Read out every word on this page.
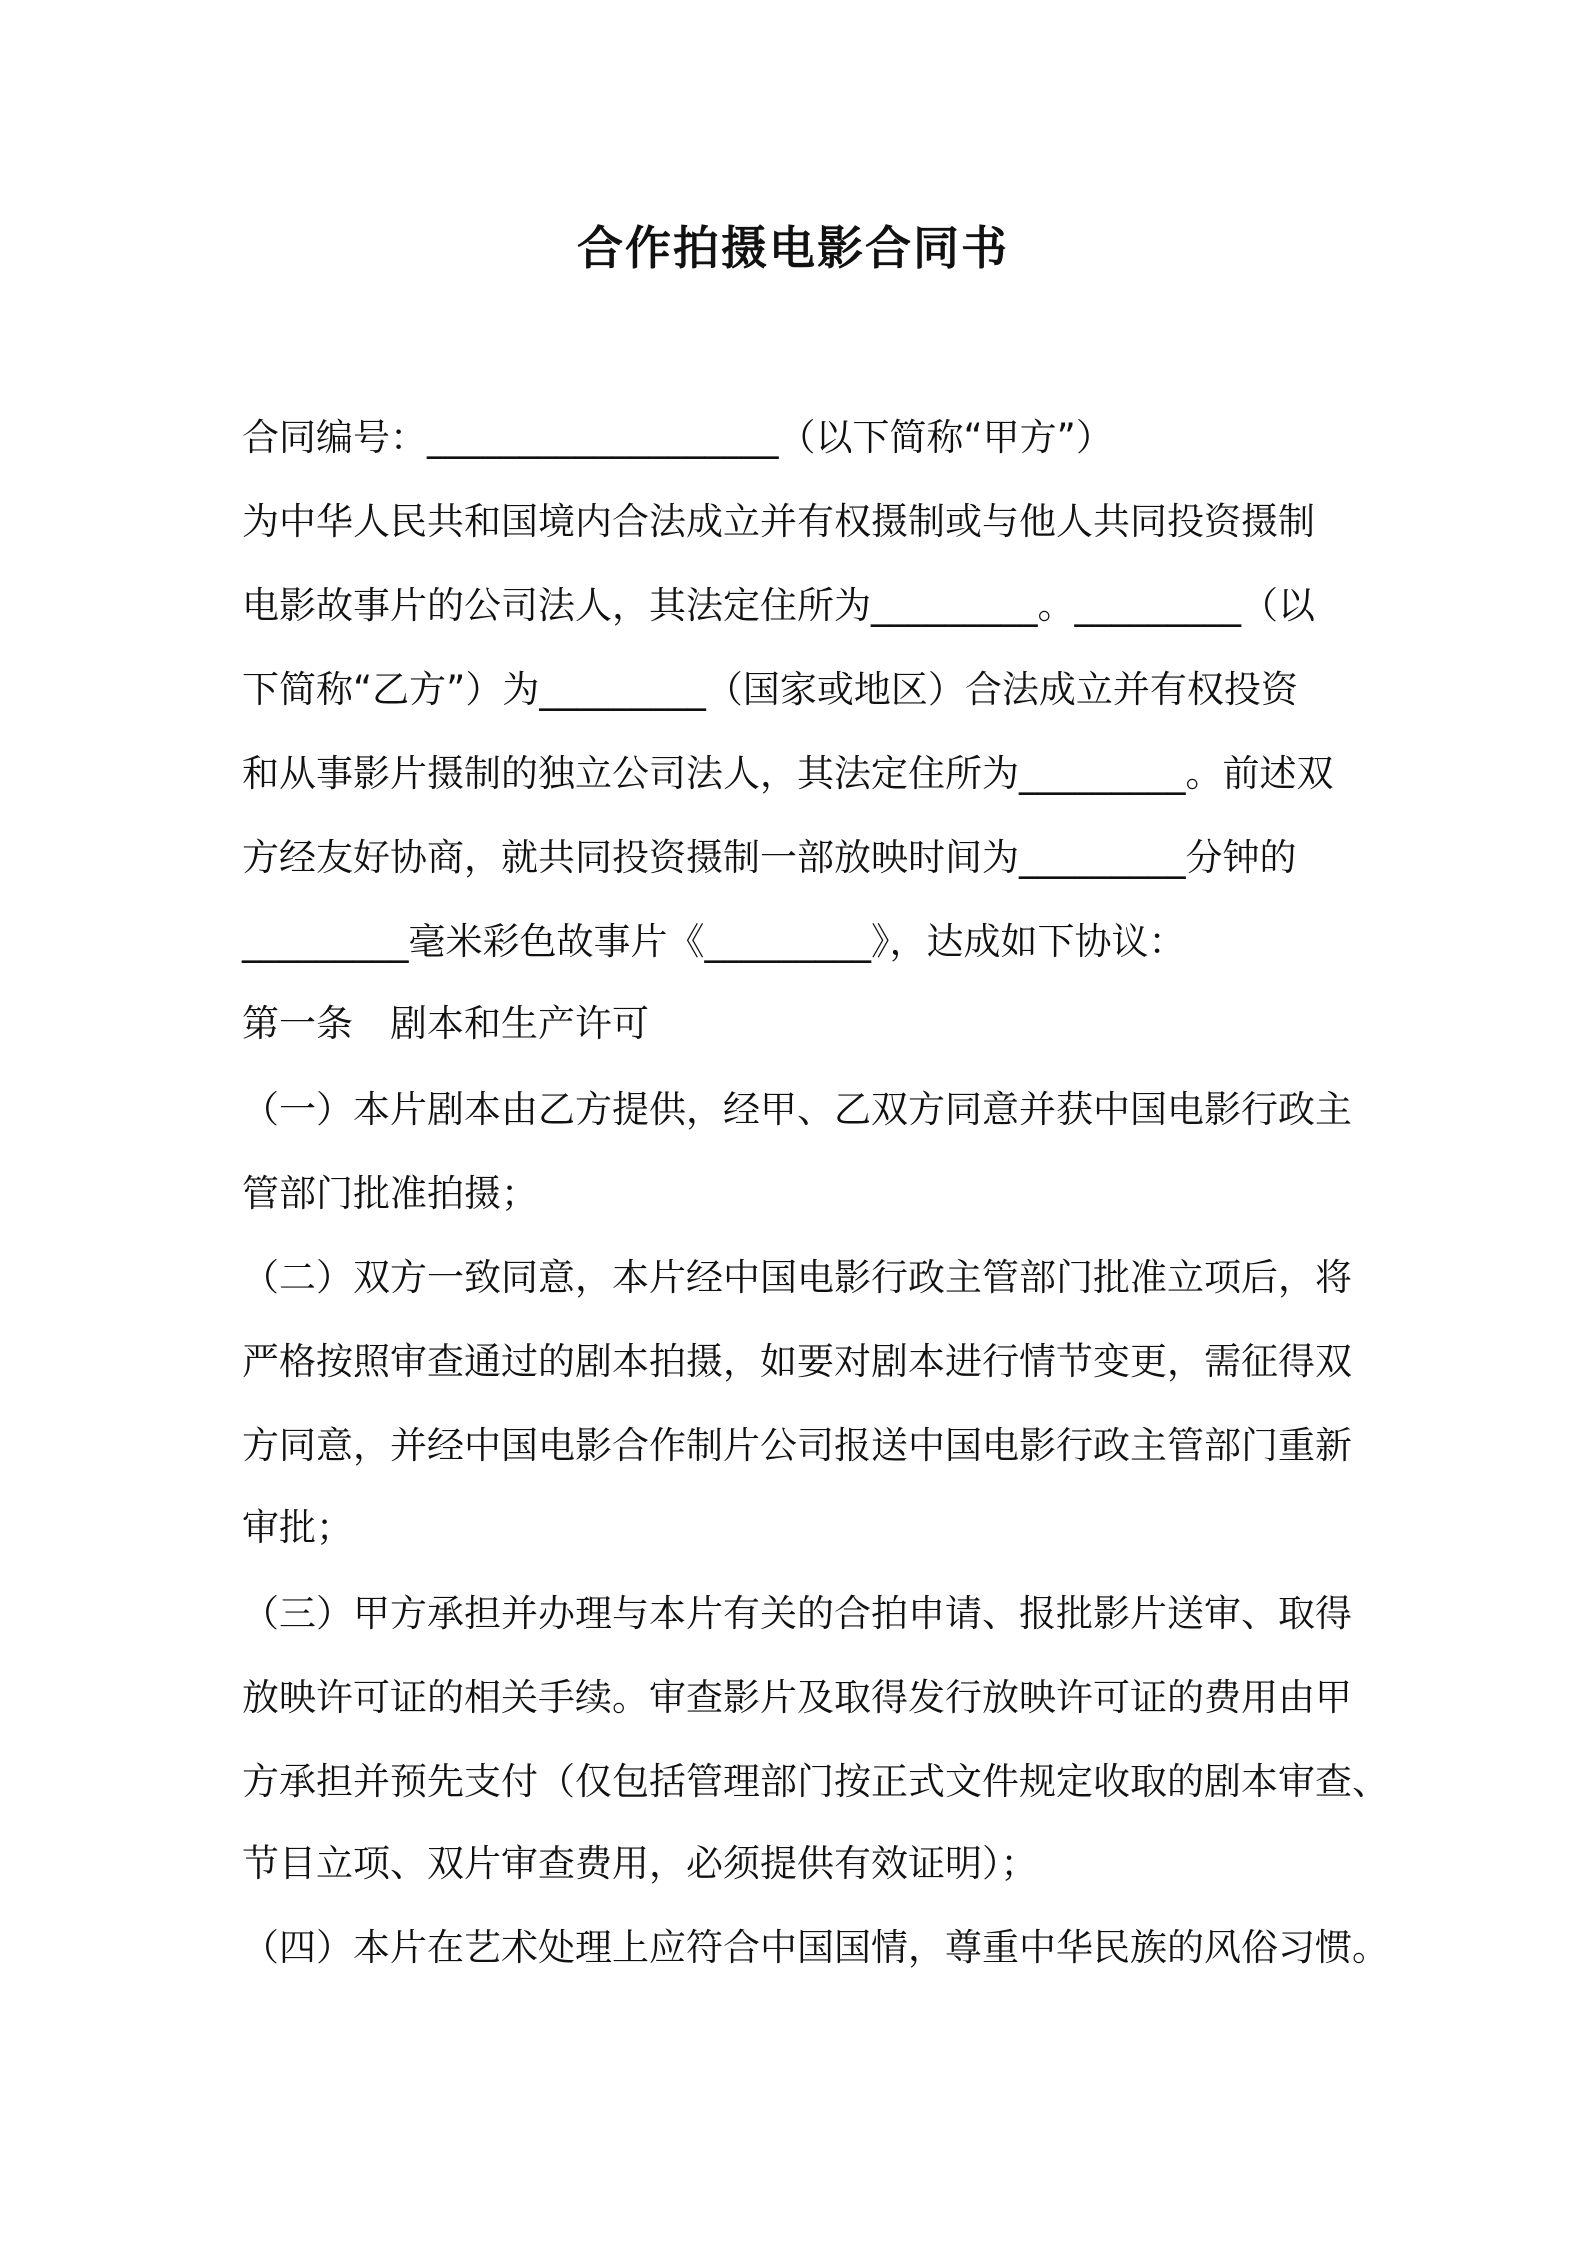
合作拍摄电影合同书

合同编号：___________________（以下简称“甲方”）

为中华人民共和国境内合法成立并有权摄制或与他人共同投资摄制

电影故事片的公司法人，其法定住所为_________。_________（以

下简称“乙方”）为_________（国家或地区）合法成立并有权投资

和从事影片摄制的独立公司法人，其法定住所为_________。前述双

方经友好协商，就共同投资摄制一部放映时间为_________分钟的

_________毫米彩色故事片《_________》，达成如下协议：

第一条　剧本和生产许可

（一）本片剧本由乙方提供，经甲、乙双方同意并获中国电影行政主

管部门批准拍摄；

（二）双方一致同意，本片经中国电影行政主管部门批准立项后，将

严格按照审查通过的剧本拍摄，如要对剧本进行情节变更，需征得双

方同意，并经中国电影合作制片公司报送中国电影行政主管部门重新

审批；

（三）甲方承担并办理与本片有关的合拍申请、报批影片送审、取得

放映许可证的相关手续。审查影片及取得发行放映许可证的费用由甲

方承担并预先支付（仅包括管理部门按正式文件规定收取的剧本审查、

节目立项、双片审查费用，必须提供有效证明）；

（四）本片在艺术处理上应符合中国国情，尊重中华民族的风俗习惯。
